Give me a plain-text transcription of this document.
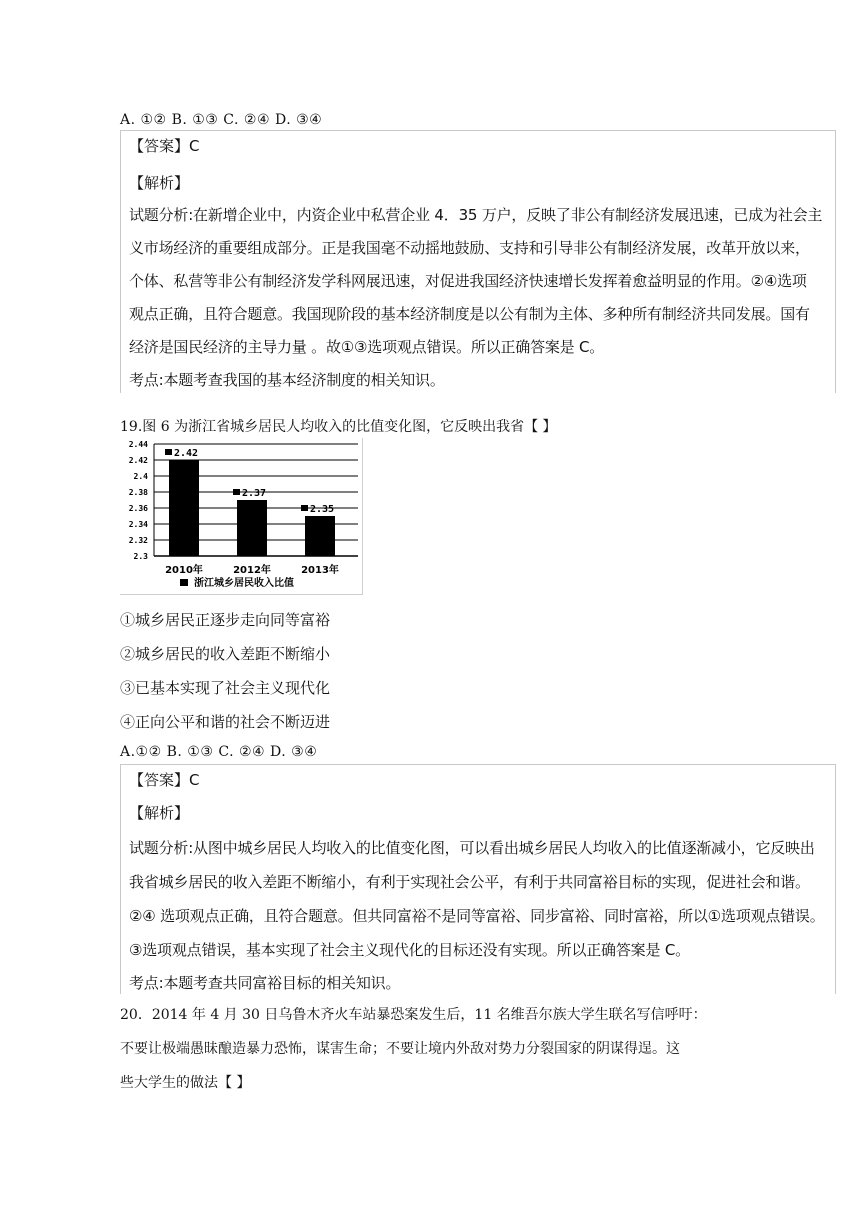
A. ①② B. ①③ C. ②④ D. ③④
【答案】C
【解析】
试题分析:在新增企业中，内资企业中私营企业 4．35 万户，反映了非公有制经济发展迅速，已成为社会主
义市场经济的重要组成部分。正是我国毫不动摇地鼓励、支持和引导非公有制经济发展，改革开放以来，
个体、私营等非公有制经济发学科网展迅速，对促进我国经济快速增长发挥着愈益明显的作用。②④选项
观点正确，且符合题意。我国现阶段的基本经济制度是以公有制为主体、多种所有制经济共同发展。国有
经济是国民经济的主导力量 。故①③选项观点错误。所以正确答案是 C。
考点:本题考查我国的基本经济制度的相关知识。
19.图 6 为浙江省城乡居民人均收入的比值变化图，它反映出我省【 】
2.44
2.42
2.4
2.38
2.36
2.34
2.32
2.3
2.42
2010年
2.37
2012年
2.35
2013年
浙江城乡居民收入比值
①城乡居民正逐步走向同等富裕
②城乡居民的收入差距不断缩小
③已基本实现了社会主义现代化
④正向公平和谐的社会不断迈进
A.①② B. ①③ C. ②④ D. ③④
【答案】C
【解析】
试题分析:从图中城乡居民人均收入的比值变化图，可以看出城乡居民人均收入的比值逐渐减小，它反映出
我省城乡居民的收入差距不断缩小，有利于实现社会公平，有利于共同富裕目标的实现，促进社会和谐。
②④ 选项观点正确，且符合题意。但共同富裕不是同等富裕、同步富裕、同时富裕，所以①选项观点错误。
③选项观点错误，基本实现了社会主义现代化的目标还没有实现。所以正确答案是 C。
考点:本题考查共同富裕目标的相关知识。
20．2014 年 4 月 30 日乌鲁木齐火车站暴恐案发生后，11 名维吾尔族大学生联名写信呼吁：
不要让极端愚昧酿造暴力恐怖，谋害生命；不要让境内外敌对势力分裂国家的阴谋得逞。这
些大学生的做法【 】
